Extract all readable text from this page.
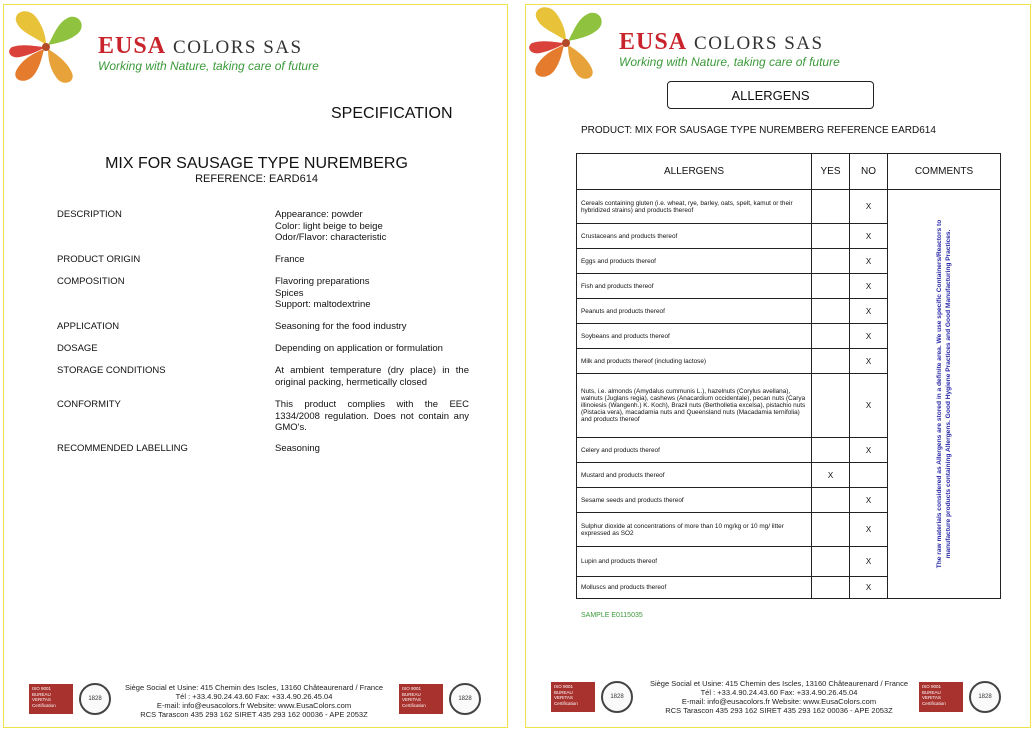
EUSA COLORS SAS
Working with Nature, taking care of future
SPECIFICATION
MIX FOR SAUSAGE TYPE NUREMBERG
REFERENCE: EARD614
DESCRIPTION	Appearance: powder
Color: light beige to beige
Odor/Flavor: characteristic
PRODUCT ORIGIN	France
COMPOSITION	Flavoring preparations
Spices
Support: maltodextrine
APPLICATION	Seasoning for the food industry
DOSAGE	Depending on application or formulation
STORAGE CONDITIONS	At ambient temperature (dry place) in the original packing, hermetically closed
CONFORMITY	This product complies with the EEC 1334/2008 regulation. Does not contain any GMO's.
RECOMMENDED LABELLING	Seasoning
ISO 9001
BUREAU VERITAS
Certification
1828
Siège Social et Usine: 415 Chemin des Iscles, 13160 Châteaurenard / France
Tél : +33.4.90.24.43.60 Fax: +33.4.90.26.45.04
E-mail: info@eusacolors.fr Website: www.EusaColors.com
RCS Tarascon 435 293 162 SIRET 435 293 162 00036 - APE 2053Z
ISO 9001
BUREAU VERITAS
Certification
1828
EUSA COLORS SAS
Working with Nature, taking care of future
ALLERGENS
PRODUCT: MIX FOR SAUSAGE TYPE NUREMBERG REFERENCE EARD614
ALLERGENS	YES	NO	COMMENTS
Cereals containing gluten (i.e. wheat, rye, barley, oats, spelt, kamut or their hybridized strains) and products thereof		X	The raw materials considered as Allergens are stored in a definite area. We use specific Containers/Reactors to manufacture products containing Allergens. Good Hygiene Practices and Good Manufacturing Practices.

Crustaceans and products thereof		X	
Eggs and products thereof		X	
Fish and products thereof		X	
Peanuts and products thereof		X	
Soybeans and products thereof		X	
Milk and products thereof (including lactose)		X	
Nuts, i.e. almonds (Amydalus cummunis L.), hazelnuts (Corylus avellana), walnuts (Juglans regia), cashews (Anacardium occidentale), pecan nuts (Carya illinoiesis (Wangenh.) K. Koch), Brazil nuts (Bertholletia excelsa), pistachio nuts (Pistacia vera), macadamia nuts and Queensland nuts (Macadamia ternifolia) and products thereof		X	
Celery and products thereof		X	
Mustard and products thereof	X		
Sesame seeds and products thereof		X	
Sulphur dioxide at concentrations of more than 10 mg/kg or 10 mg/ litter expressed as SO2		X	
Lupin and products thereof		X	
Molluscs and products thereof		X	
SAMPLE E0115035
ISO 9001
BUREAU VERITAS
Certification
1828
Siège Social et Usine: 415 Chemin des Iscles, 13160 Châteaurenard / France
Tél : +33.4.90.24.43.60 Fax: +33.4.90.26.45.04
E-mail: info@eusacolors.fr Website: www.EusaColors.com
RCS Tarascon 435 293 162 SIRET 435 293 162 00036 - APE 2053Z
ISO 9001
BUREAU VERITAS
Certification
1828
